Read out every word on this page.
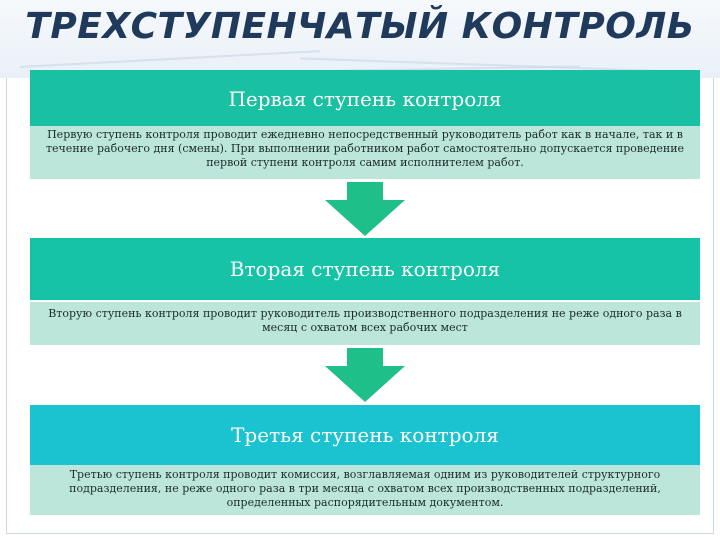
ТРЕХСТУПЕНЧАТЫЙ КОНТРОЛЬ
Первая ступень контроля
Первую ступень контроля проводит ежедневно непосредственный руководитель работ как в начале, так и в течение рабочего дня (смены). При выполнении работником работ самостоятельно допускается проведение первой ступени контроля самим исполнителем работ.
Вторая ступень контроля
Вторую ступень контроля проводит руководитель производственного подразделения не реже одного раза в месяц с охватом всех рабочих мест
Третья ступень контроля
Третью ступень контроля проводит комиссия, возглавляемая одним из руководителей структурного подразделения, не реже одного раза в три месяца с охватом всех производственных подразделений, определенных распорядительным документом.
